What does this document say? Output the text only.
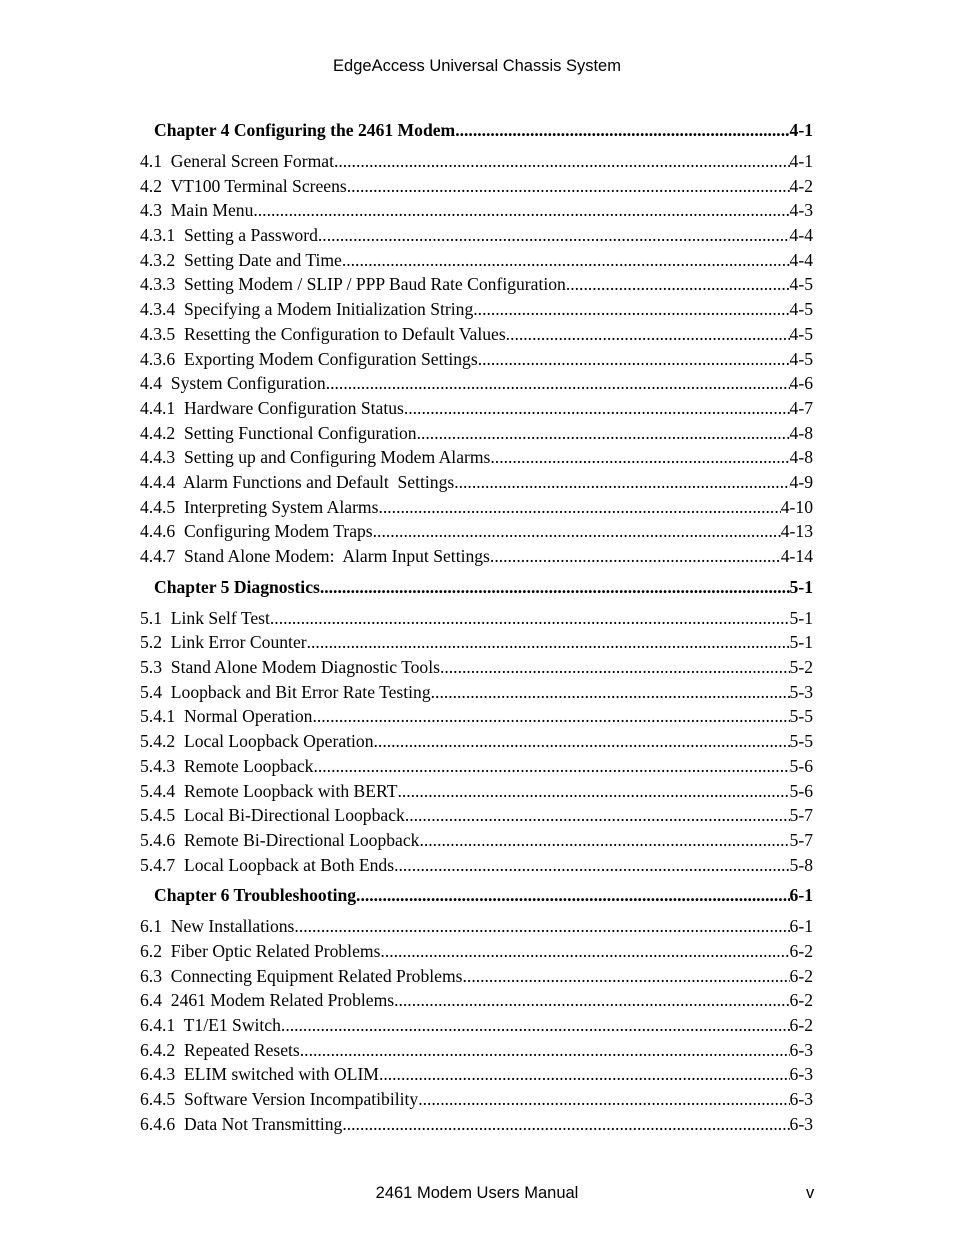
EdgeAccess Universal Chassis System
Chapter 4 Configuring the 2461 Modem .....	4-1
4.1  General Screen Format .....	4-1
4.2  VT100 Terminal Screens .....	4-2
4.3  Main Menu .....	4-3
4.3.1  Setting a Password .....	4-4
4.3.2  Setting Date and Time .....	4-4
4.3.3  Setting Modem / SLIP / PPP Baud Rate Configuration .....	4-5
4.3.4  Specifying a Modem Initialization String .....	4-5
4.3.5  Resetting the Configuration to Default Values .....	4-5
4.3.6  Exporting Modem Configuration Settings .....	4-5
4.4  System Configuration .....	4-6
4.4.1  Hardware Configuration Status .....	4-7
4.4.2  Setting Functional Configuration .....	4-8
4.4.3  Setting up and Configuring Modem Alarms .....	4-8
4.4.4  Alarm Functions and Default  Settings .....	4-9
4.4.5  Interpreting System Alarms .....	4-10
4.4.6  Configuring Modem Traps .....	4-13
4.4.7  Stand Alone Modem:  Alarm Input Settings .....	4-14
Chapter 5 Diagnostics .....	5-1
5.1  Link Self Test .....	5-1
5.2  Link Error Counter .....	5-1
5.3  Stand Alone Modem Diagnostic Tools .....	5-2
5.4  Loopback and Bit Error Rate Testing .....	5-3
5.4.1  Normal Operation .....	5-5
5.4.2  Local Loopback Operation .....	5-5
5.4.3  Remote Loopback .....	5-6
5.4.4  Remote Loopback with BERT .....	5-6
5.4.5  Local Bi-Directional Loopback .....	5-7
5.4.6  Remote Bi-Directional Loopback .....	5-7
5.4.7  Local Loopback at Both Ends .....	5-8
Chapter 6 Troubleshooting .....	6-1
6.1  New Installations .....	6-1
6.2  Fiber Optic Related Problems .....	6-2
6.3  Connecting Equipment Related Problems .....	6-2
6.4  2461 Modem Related Problems .....	6-2
6.4.1  T1/E1 Switch .....	6-2
6.4.2  Repeated Resets .....	6-3
6.4.3  ELIM switched with OLIM .....	6-3
6.4.5  Software Version Incompatibility .....	6-3
6.4.6  Data Not Transmitting .....	6-3
2461 Modem Users Manual	v
